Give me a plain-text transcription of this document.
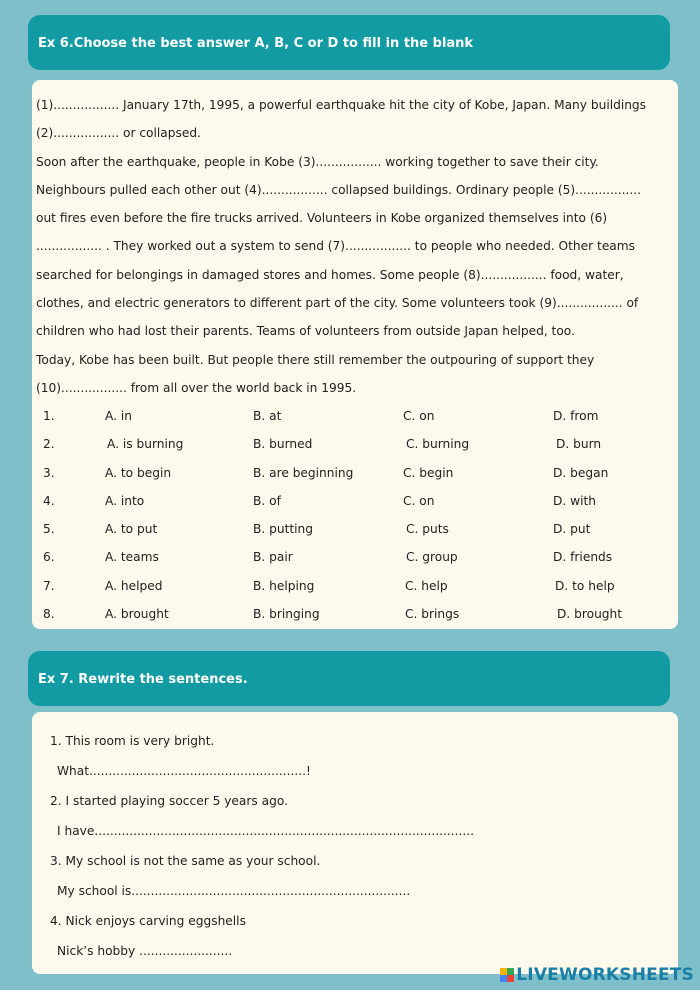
Ex 6.Choose the best answer A, B, C or D to fill in the blank
(1)................. January 17th, 1995, a powerful earthquake hit the city of Kobe, Japan. Many buildings
(2)................. or collapsed.
Soon after the earthquake, people in Kobe (3)................. working together to save their city.
Neighbours pulled each other out (4)................. collapsed buildings. Ordinary people (5).................
out fires even before the fire trucks arrived. Volunteers in Kobe organized themselves into (6)
................. . They worked out a system to send (7)................. to people who needed. Other teams
searched for belongings in damaged stores and homes. Some people (8)................. food, water,
clothes, and electric generators to different part of the city. Some volunteers took (9)................. of
children who had lost their parents. Teams of volunteers from outside Japan helped, too.
Today, Kobe has been built. But people there still remember the outpouring of support they
(10)................. from all over the world back in 1995.
1.	A. in	B. at	C. on	D. from
2.	A. is burning	B. burned	C. burning	D. burn
3.	A. to begin	B. are beginning	C. begin	D. began
4.	A. into	B. of	C. on	D. with
5.	A. to put	B. putting	C. puts	D. put
6.	A. teams	B. pair	C. group	D. friends
7.	A. helped	B. helping	C. help	D. to help
8.	A. brought	B. bringing	C. brings	D. brought
Ex 7. Rewrite the sentences.
1. This room is very bright.
What........................................................!
2. I started playing soccer 5 years ago.
I have..................................................................................................
3. My school is not the same as your school.
My school is........................................................................
4. Nick enjoys carving eggshells
Nick’s hobby ........................
LIVEWORKSHEETS
